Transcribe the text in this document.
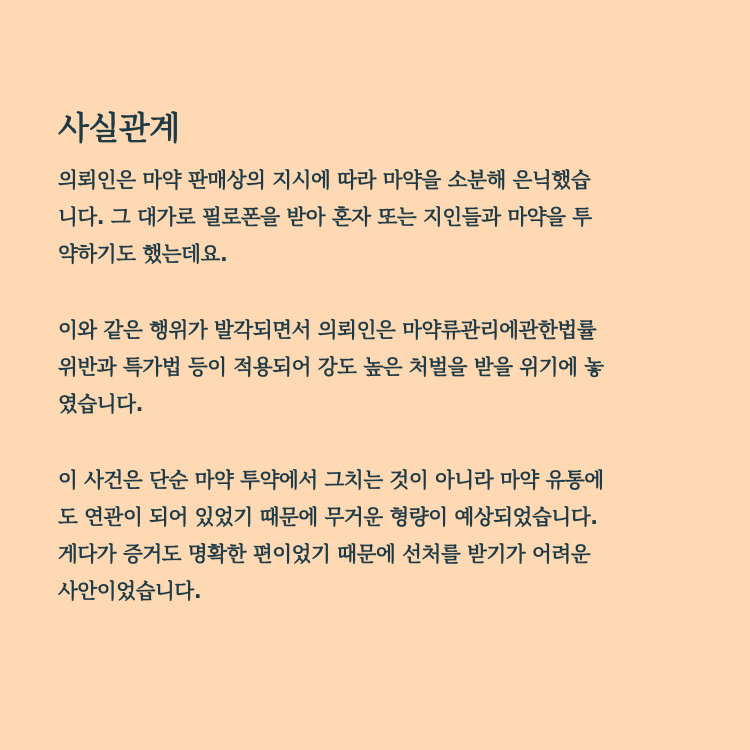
사실관계

의뢰인은 마약 판매상의 지시에 따라 마약을 소분해 은닉했습
니다. 그 대가로 필로폰을 받아 혼자 또는 지인들과 마약을 투
약하기도 했는데요.

이와 같은 행위가 발각되면서 의뢰인은 마약류관리에관한법률
위반과 특가법 등이 적용되어 강도 높은 처벌을 받을 위기에 놓
였습니다.

이 사건은 단순 마약 투약에서 그치는 것이 아니라 마약 유통에
도 연관이 되어 있었기 때문에 무거운 형량이 예상되었습니다.
게다가 증거도 명확한 편이었기 때문에 선처를 받기가 어려운
사안이었습니다.
